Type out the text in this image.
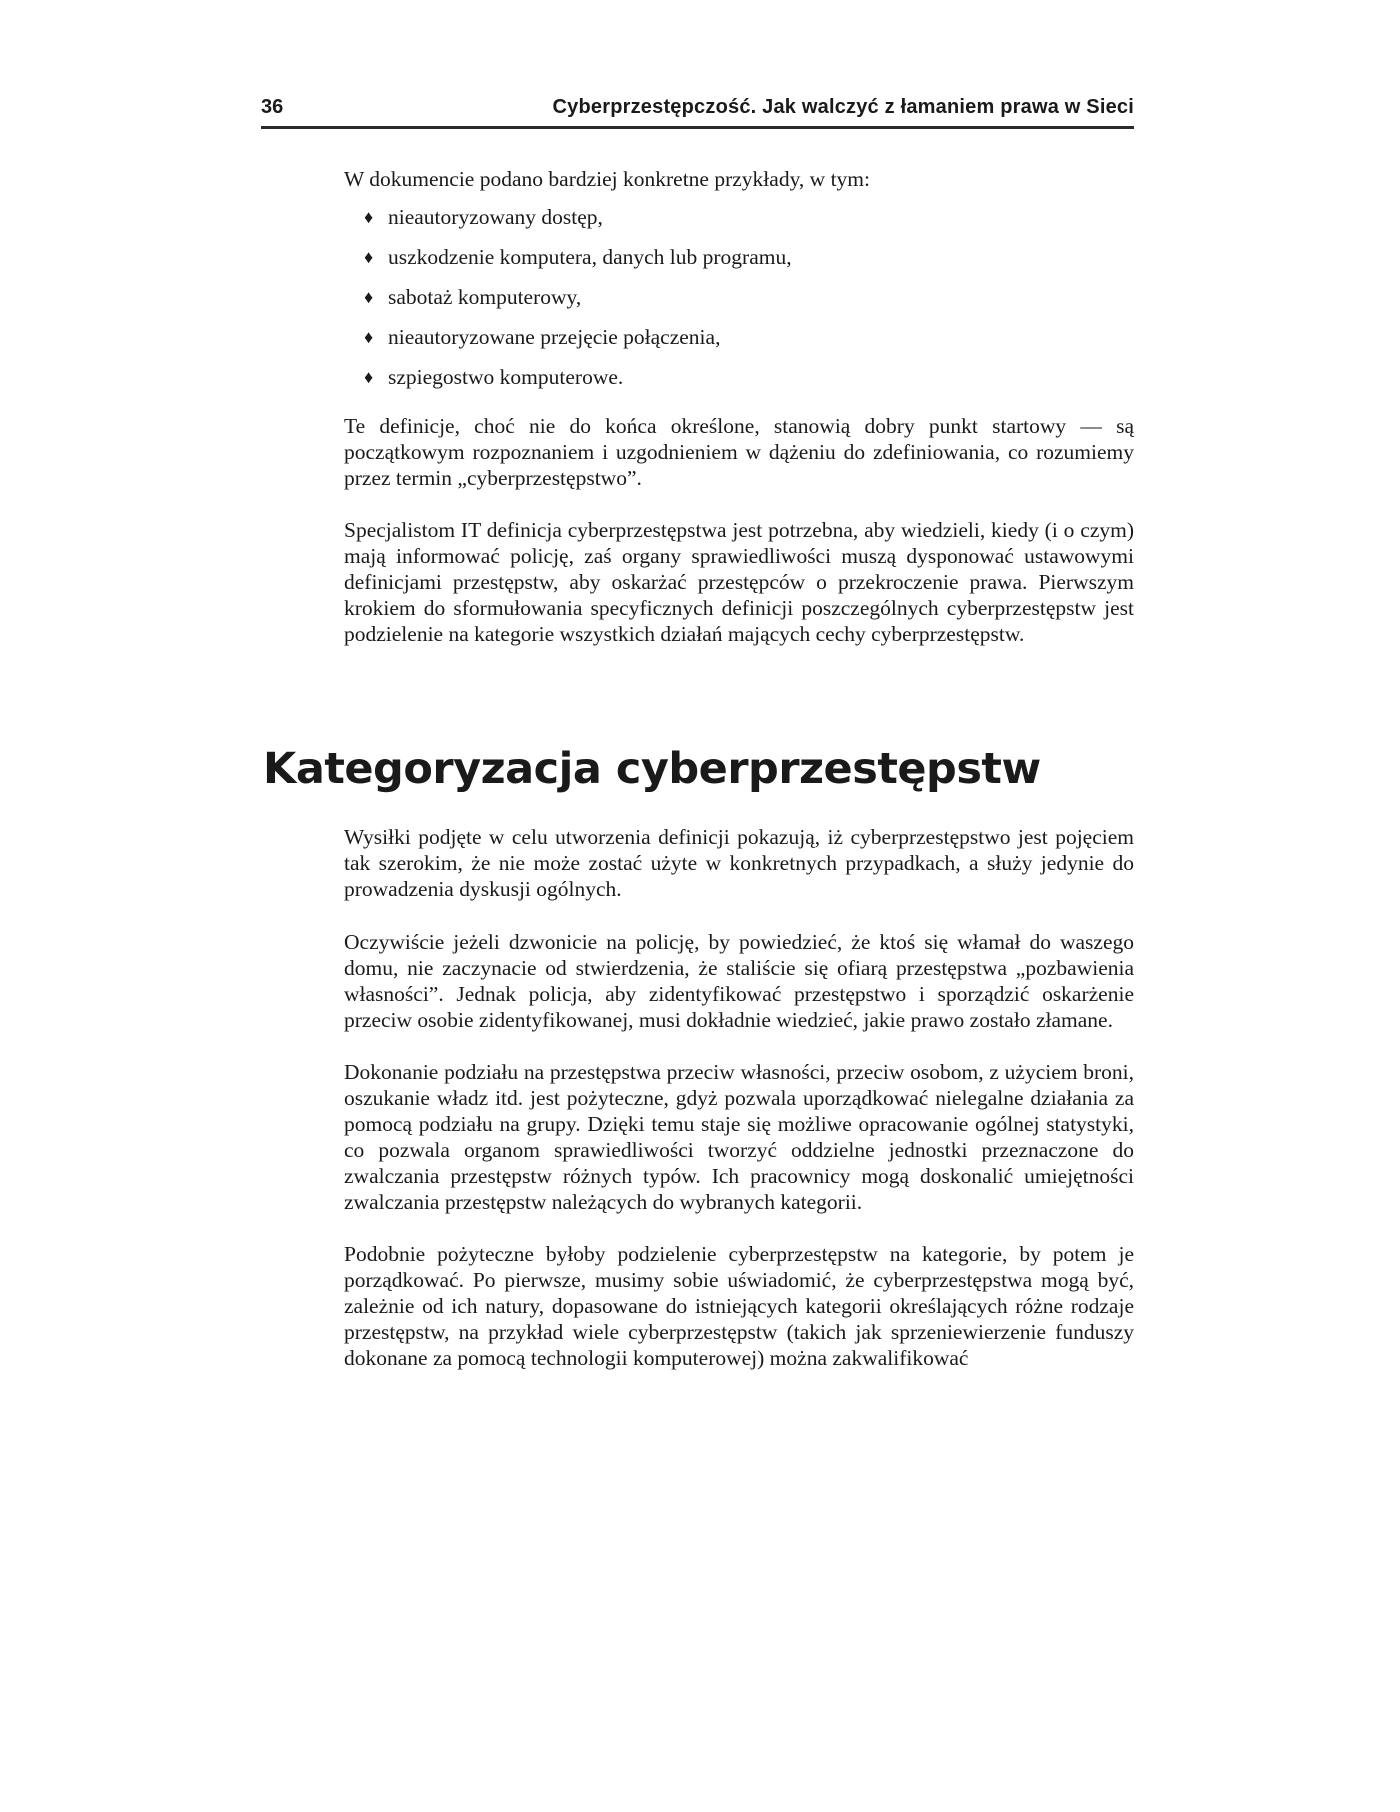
36	Cyberprzestępczość. Jak walczyć z łamaniem prawa w Sieci

W dokumencie podano bardziej konkretne przykłady, w tym:

♦ nieautoryzowany dostęp,
♦ uszkodzenie komputera, danych lub programu,
♦ sabotaż komputerowy,
♦ nieautoryzowane przejęcie połączenia,
♦ szpiegostwo komputerowe.

Te definicje, choć nie do końca określone, stanowią dobry punkt startowy — są początkowym rozpoznaniem i uzgodnieniem w dążeniu do zdefiniowania, co rozumiemy przez termin „cyberprzestępstwo”.

Specjalistom IT definicja cyberprzestępstwa jest potrzebna, aby wiedzieli, kiedy (i o czym) mają informować policję, zaś organy sprawiedliwości muszą dysponować ustawowymi definicjami przestępstw, aby oskarżać przestępców o przekroczenie prawa. Pierwszym krokiem do sformułowania specyficznych definicji poszczególnych cyberprzestępstw jest podzielenie na kategorie wszystkich działań mających cechy cyberprzestępstw.

Kategoryzacja cyberprzestępstw

Wysiłki podjęte w celu utworzenia definicji pokazują, iż cyberprzestępstwo jest pojęciem tak szerokim, że nie może zostać użyte w konkretnych przypadkach, a służy jedynie do prowadzenia dyskusji ogólnych.

Oczywiście jeżeli dzwonicie na policję, by powiedzieć, że ktoś się włamał do waszego domu, nie zaczynacie od stwierdzenia, że staliście się ofiarą przestępstwa „pozbawienia własności”. Jednak policja, aby zidentyfikować przestępstwo i sporządzić oskarżenie przeciw osobie zidentyfikowanej, musi dokładnie wiedzieć, jakie prawo zostało złamane.

Dokonanie podziału na przestępstwa przeciw własności, przeciw osobom, z użyciem broni, oszukanie władz itd. jest pożyteczne, gdyż pozwala uporządkować nielegalne działania za pomocą podziału na grupy. Dzięki temu staje się możliwe opracowanie ogólnej statystyki, co pozwala organom sprawiedliwości tworzyć oddzielne jednostki przeznaczone do zwalczania przestępstw różnych typów. Ich pracownicy mogą doskonalić umiejętności zwalczania przestępstw należących do wybranych kategorii.

Podobnie pożyteczne byłoby podzielenie cyberprzestępstw na kategorie, by potem je porządkować. Po pierwsze, musimy sobie uświadomić, że cyberprzestępstwa mogą być, zależnie od ich natury, dopasowane do istniejących kategorii określających różne rodzaje przestępstw, na przykład wiele cyberprzestępstw (takich jak sprzeniewierzenie funduszy dokonane za pomocą technologii komputerowej) można zakwalifikować
